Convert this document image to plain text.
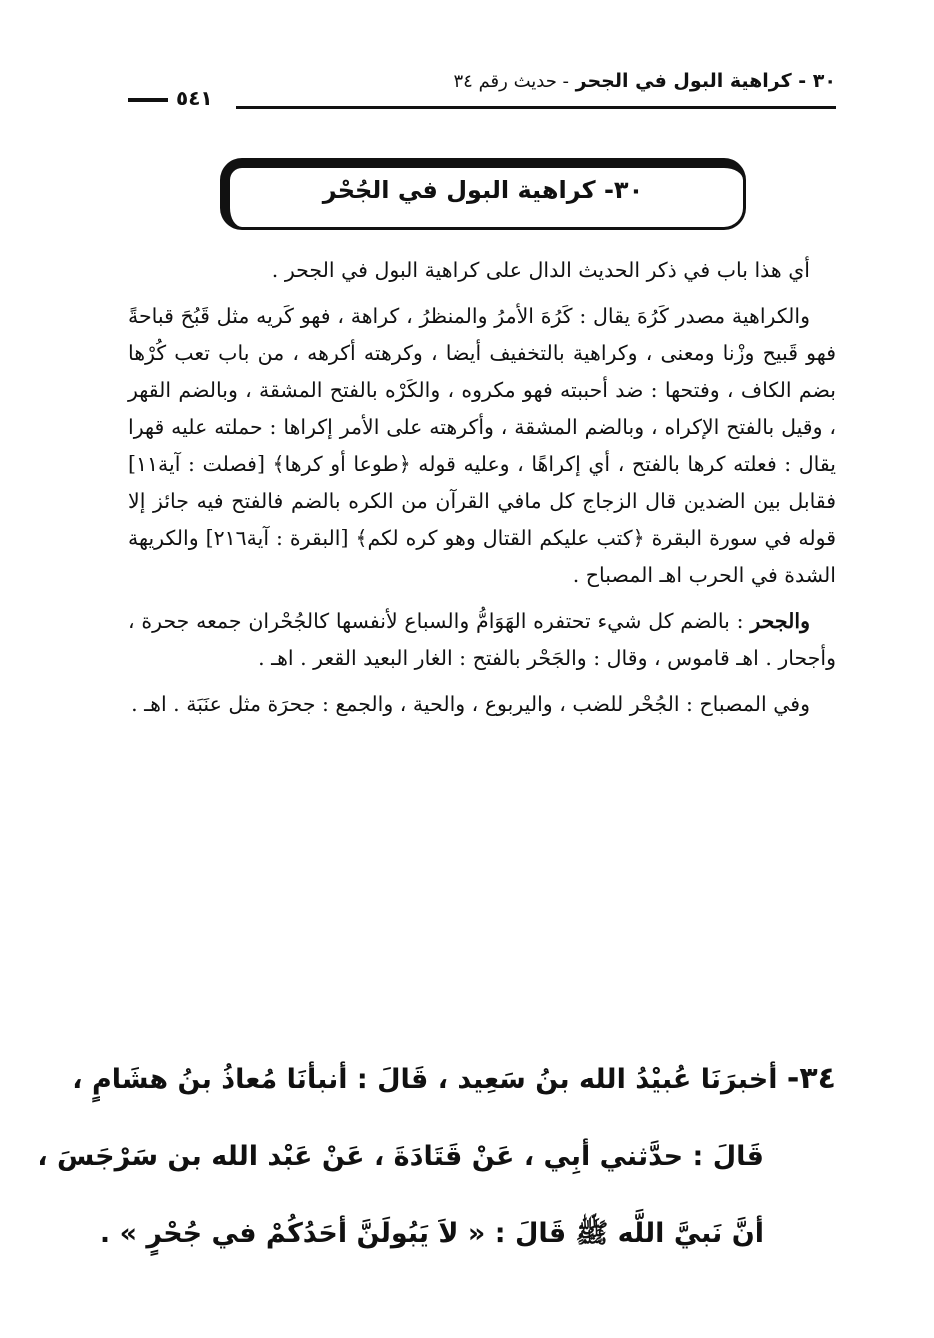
٣٠ - كراهية البول في الجحر - حديث رقم ٣٤
٥٤١
٣٠- كراهية البول في الجُحْر

أي هذا باب في ذكر الحديث الدال على كراهية البول في الجحر .

والكراهية مصدر كَرُهَ يقال : كَرُهَ الأمرُ والمنظرُ ، كراهة ، فهو كَريه مثل قَبُحَ قباحةً فهو قَبيح وزْنا ومعنى ، وكراهية بالتخفيف أيضا ، وكرهته أكرهه ، من باب تعب كُرْها بضم الكاف ، وفتحها : ضد أحببته فهو مكروه ، والكَرْه بالفتح المشقة ، وبالضم القهر ، وقيل بالفتح الإكراه ، وبالضم المشقة ، وأكرهته على الأمر إكراها : حملته عليه قهرا يقال : فعلته كرها بالفتح ، أي إكراهًا ، وعليه قوله ﴿طوعا أو كرها﴾ [فصلت : آية١١] فقابل بين الضدين قال الزجاج كل مافي القرآن من الكره بالضم فالفتح فيه جائز إلا قوله في سورة البقرة ﴿كتب عليكم القتال وهو كره لكم﴾ [البقرة : آية٢١٦] والكريهة الشدة في الحرب اهـ المصباح .

والجحر : بالضم كل شيء تحتفره الهَوَامُّ والسباع لأنفسها كالجُحْران جمعه جحرة ، وأجحار . اهـ قاموس ، وقال : والجَحْر بالفتح : الغار البعيد القعر . اهـ .

وفي المصباح : الجُحْر للضب ، واليربوع ، والحية ، والجمع : جحرَة مثل عنَبَة . اهـ .

٣٤- أخبرَنَا عُبيْدُ الله بنُ سَعِيد ، قَالَ : أنبأنَا مُعاذُ بنُ هشَامٍ ،
قَالَ : حدَّثني أبِي ، عَنْ قَتَادَةَ ، عَنْ عَبْد الله بن سَرْجَسَ ،
أنَّ نَبيَّ اللَّه ﷺ قَالَ : « لاَ يَبُولَنَّ أحَدُكُمْ في جُحْرٍ » .
